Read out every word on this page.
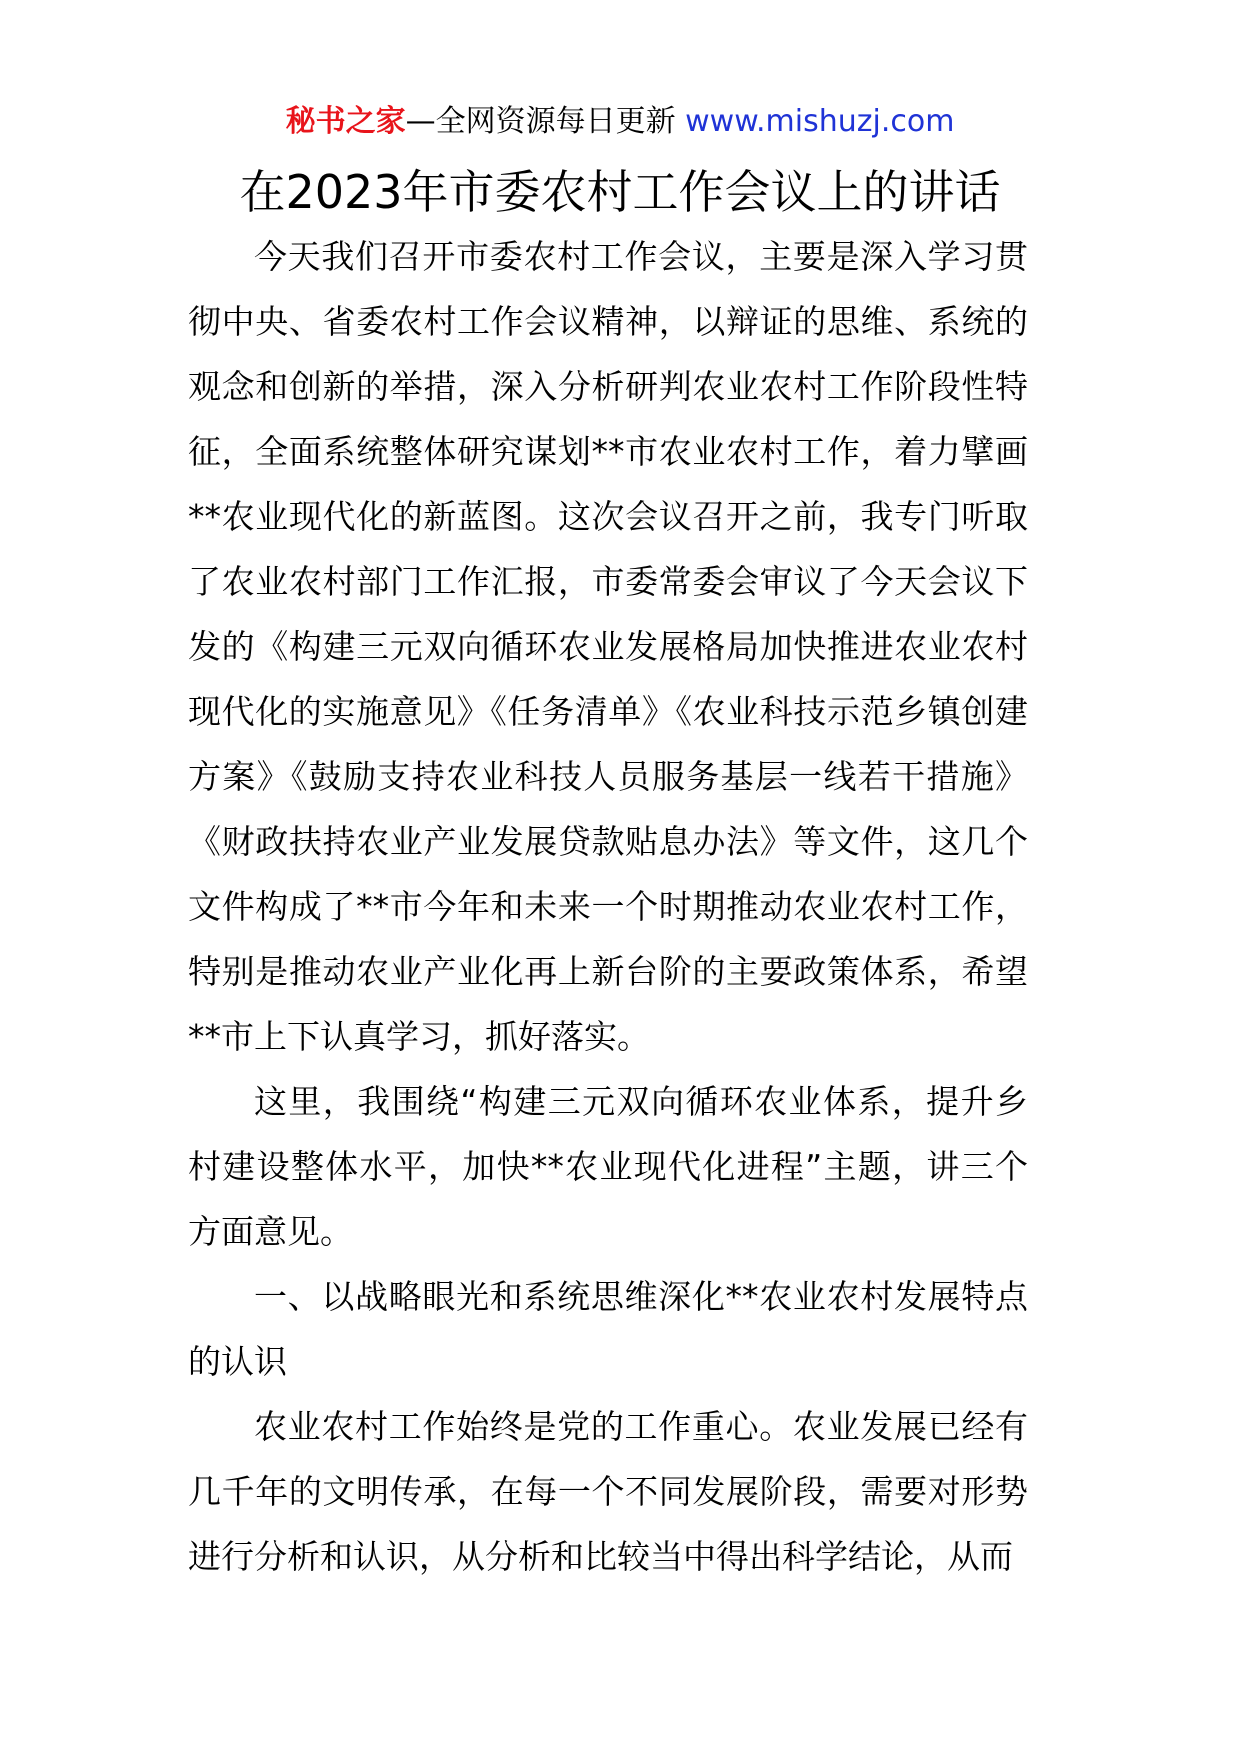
秘书之家—全网资源每日更新 www.mishuzj.com
在2023年市委农村工作会议上的讲话

今天我们召开市委农村工作会议，主要是深入学习贯彻中央、省委农村工作会议精神，以辩证的思维、系统的观念和创新的举措，深入分析研判农业农村工作阶段性特征，全面系统整体研究谋划**市农业农村工作，着力擘画**农业现代化的新蓝图。这次会议召开之前，我专门听取了农业农村部门工作汇报，市委常委会审议了今天会议下发的《构建三元双向循环农业发展格局加快推进农业农村现代化的实施意见》《任务清单》《农业科技示范乡镇创建方案》《鼓励支持农业科技人员服务基层一线若干措施》《财政扶持农业产业发展贷款贴息办法》等文件，这几个文件构成了**市今年和未来一个时期推动农业农村工作，特别是推动农业产业化再上新台阶的主要政策体系，希望**市上下认真学习，抓好落实。

这里，我围绕“构建三元双向循环农业体系，提升乡村建设整体水平，加快**农业现代化进程”主题，讲三个方面意见。

一、以战略眼光和系统思维深化**农业农村发展特点的认识

农业农村工作始终是党的工作重心。农业发展已经有几千年的文明传承，在每一个不同发展阶段，需要对形势进行分析和认识，从分析和比较当中得出科学结论，从而
